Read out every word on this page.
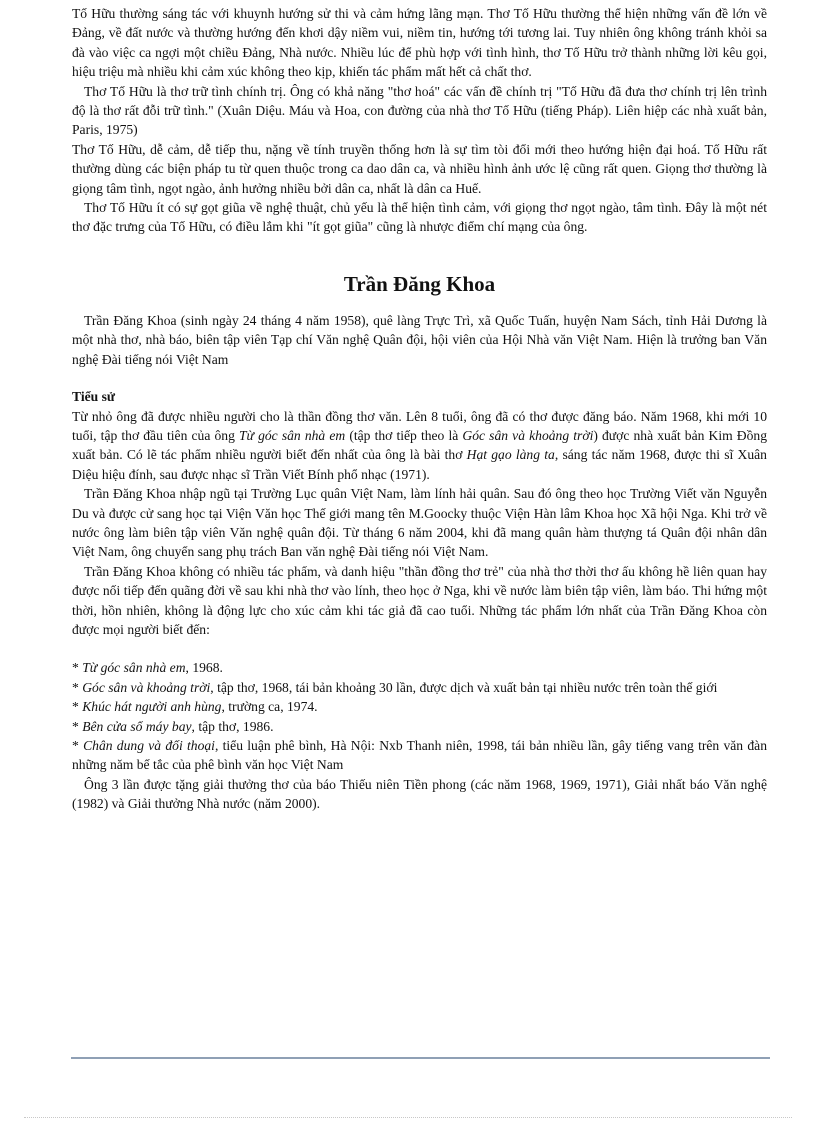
Tố Hữu thường sáng tác với khuynh hướng sử thi và cảm hứng lãng mạn. Thơ Tố Hữu thường thể hiện những vấn đề lớn về Đảng, về đất nước và thường hướng đến khơi dậy niềm vui, niềm tin, hướng tới tương lai. Tuy nhiên ông không tránh khỏi sa đà vào việc ca ngợi một chiều Đảng, Nhà nước. Nhiều lúc để phù hợp với tình hình, thơ Tố Hữu trở thành những lời kêu gọi, hiệu triệu mà nhiều khi cảm xúc không theo kịp, khiến tác phẩm mất hết cả chất thơ.

Thơ Tố Hữu là thơ trữ tình chính trị. Ông có khả năng "thơ hoá" các vấn đề chính trị "Tố Hữu đã đưa thơ chính trị lên trình độ là thơ rất đỗi trữ tình." (Xuân Diệu. Máu và Hoa, con đường của nhà thơ Tố Hữu (tiếng Pháp). Liên hiệp các nhà xuất bản, Paris, 1975)

Thơ Tố Hữu, dễ cảm, dễ tiếp thu, nặng về tính truyền thống hơn là sự tìm tòi đổi mới theo hướng hiện đại hoá. Tố Hữu rất thường dùng các biện pháp tu từ quen thuộc trong ca dao dân ca, và nhiều hình ảnh ước lệ cũng rất quen. Giọng thơ thường là giọng tâm tình, ngọt ngào, ảnh hưởng nhiều bởi dân ca, nhất là dân ca Huế.

Thơ Tố Hữu ít có sự gọt giũa về nghệ thuật, chủ yếu là thể hiện tình cảm, với giọng thơ ngọt ngào, tâm tình. Đây là một nét thơ đặc trưng của Tố Hữu, có điều lắm khi "ít gọt giũa" cũng là nhược điểm chí mạng của ông.

Trần Đăng Khoa

Trần Đăng Khoa (sinh ngày 24 tháng 4 năm 1958), quê làng Trực Trì, xã Quốc Tuấn, huyện Nam Sách, tỉnh Hải Dương là một nhà thơ, nhà báo, biên tập viên Tạp chí Văn nghệ Quân đội, hội viên của Hội Nhà văn Việt Nam. Hiện là trưởng ban Văn nghệ Đài tiếng nói Việt Nam

Tiểu sử

Từ nhỏ ông đã được nhiều người cho là thần đồng thơ văn. Lên 8 tuổi, ông đã có thơ được đăng báo. Năm 1968, khi mới 10 tuổi, tập thơ đầu tiên của ông Từ góc sân nhà em (tập thơ tiếp theo là Góc sân và khoảng trời) được nhà xuất bản Kim Đồng xuất bản. Có lẽ tác phẩm nhiều người biết đến nhất của ông là bài thơ Hạt gạo làng ta, sáng tác năm 1968, được thi sĩ Xuân Diệu hiệu đính, sau được nhạc sĩ Trần Viết Bính phổ nhạc (1971).

Trần Đăng Khoa nhập ngũ tại Trường Lục quân Việt Nam, làm lính hải quân. Sau đó ông theo học Trường Viết văn Nguyễn Du và được cử sang học tại Viện Văn học Thế giới mang tên M.Goocky thuộc Viện Hàn lâm Khoa học Xã hội Nga. Khi trở về nước ông làm biên tập viên Văn nghệ quân đội. Từ tháng 6 năm 2004, khi đã mang quân hàm thượng tá Quân đội nhân dân Việt Nam, ông chuyển sang phụ trách Ban văn nghệ Đài tiếng nói Việt Nam.

Trần Đăng Khoa không có nhiều tác phẩm, và danh hiệu "thần đồng thơ trẻ" của nhà thơ thời thơ ấu không hề liên quan hay được nối tiếp đến quãng đời về sau khi nhà thơ vào lính, theo học ở Nga, khi về nước làm biên tập viên, làm báo. Thi hứng một thời, hồn nhiên, không là động lực cho xúc cảm khi tác giả đã cao tuổi. Những tác phẩm lớn nhất của Trần Đăng Khoa còn được mọi người biết đến:

* Từ góc sân nhà em, 1968.

* Góc sân và khoảng trời, tập thơ, 1968, tái bản khoảng 30 lần, được dịch và xuất bản tại nhiều nước trên toàn thế giới

* Khúc hát người anh hùng, trường ca, 1974.

* Bên cửa sổ máy bay, tập thơ, 1986.

* Chân dung và đối thoại, tiểu luận phê bình, Hà Nội: Nxb Thanh niên, 1998, tái bản nhiều lần, gây tiếng vang trên văn đàn những năm bế tắc của phê bình văn học Việt Nam

Ông 3 lần được tặng giải thưởng thơ của báo Thiếu niên Tiền phong (các năm 1968, 1969, 1971), Giải nhất báo Văn nghệ (1982) và Giải thưởng Nhà nước (năm 2000).
